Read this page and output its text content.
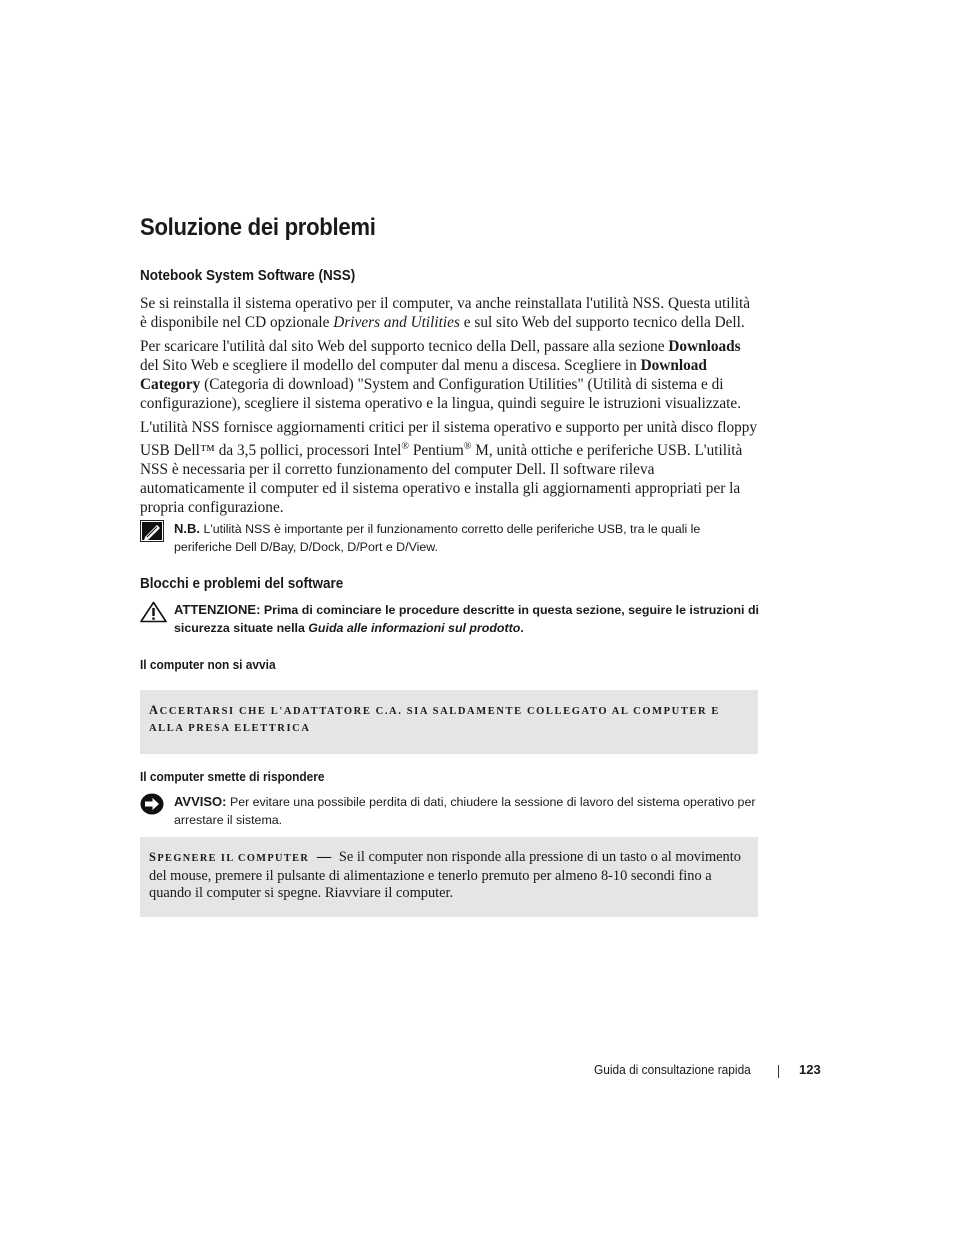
Soluzione dei problemi
Notebook System Software (NSS)

Se si reinstalla il sistema operativo per il computer, va anche reinstallata l'utilità NSS. Questa utilità è disponibile nel CD opzionale Drivers and Utilities e sul sito Web del supporto tecnico della Dell.

Per scaricare l'utilità dal sito Web del supporto tecnico della Dell, passare alla sezione Downloads del Sito Web e scegliere il modello del computer dal menu a discesa. Scegliere in Download Category (Categoria di download) "System and Configuration Utilities" (Utilità di sistema e di configurazione), scegliere il sistema operativo e la lingua, quindi seguire le istruzioni visualizzate.

L'utilità NSS fornisce aggiornamenti critici per il sistema operativo e supporto per unità disco floppy USB Dell™ da 3,5 pollici, processori Intel® Pentium® M, unità ottiche e periferiche USB. L'utilità NSS è necessaria per il corretto funzionamento del computer Dell. Il software rileva automaticamente il computer ed il sistema operativo e installa gli aggiornamenti appropriati per la propria configurazione.

N.B. L'utilità NSS è importante per il funzionamento corretto delle periferiche USB, tra le quali le periferiche Dell D/Bay, D/Dock, D/Port e D/View.
Blocchi e problemi del software
ATTENZIONE: Prima di cominciare le procedure descritte in questa sezione, seguire le istruzioni di sicurezza situate nella Guida alle informazioni sul prodotto.
Il computer non si avvia
ACCERTARSI CHE L'ADATTATORE C.A. SIA SALDAMENTE COLLEGATO AL COMPUTER E ALLA PRESA ELETTRICA
Il computer smette di rispondere
AVVISO: Per evitare una possibile perdita di dati, chiudere la sessione di lavoro del sistema operativo per arrestare il sistema.
SPEGNERE IL COMPUTER — Se il computer non risponde alla pressione di un tasto o al movimento del mouse, premere il pulsante di alimentazione e tenerlo premuto per almeno 8-10 secondi fino a quando il computer si spegne. Riavviare il computer.
Guida di consultazione rapida	123
